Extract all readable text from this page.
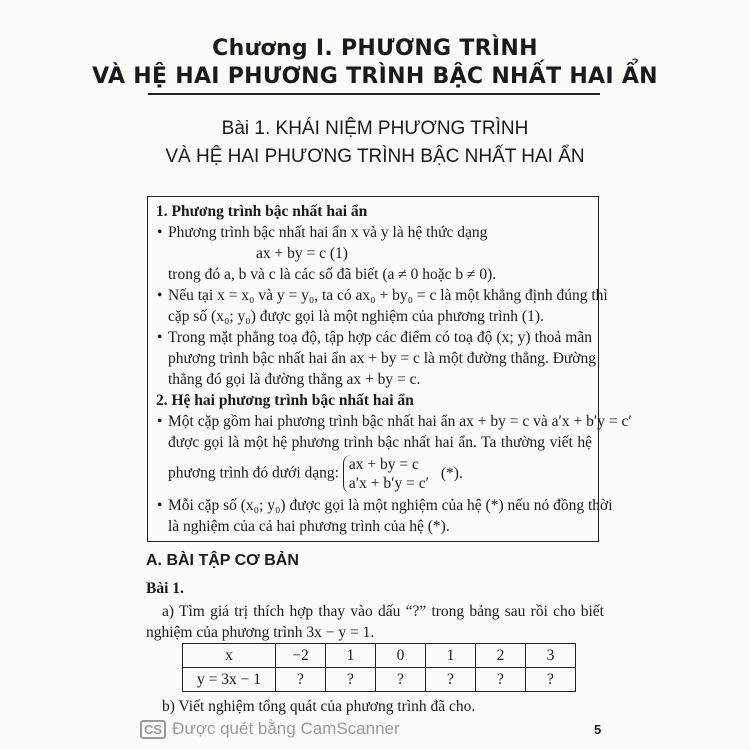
Chương I. PHƯƠNG TRÌNH
VÀ HỆ HAI PHƯƠNG TRÌNH BẬC NHẤT HAI ẨN
Bài 1. KHÁI NIỆM PHƯƠNG TRÌNH
VÀ HỆ HAI PHƯƠNG TRÌNH BẬC NHẤT HAI ẨN
1. Phương trình bậc nhất hai ẩn
• Phương trình bậc nhất hai ẩn x và y là hệ thức dạng
ax + by = c (1)
trong đó a, b và c là các số đã biết (a ≠ 0 hoặc b ≠ 0).
• Nếu tại x = x₀ và y = y₀, ta có ax₀ + by₀ = c là một khẳng định đúng thì
cặp số (x₀; y₀) được gọi là một nghiệm của phương trình (1).
• Trong mặt phẳng toạ độ, tập hợp các điểm có toạ độ (x; y) thoả mãn
phương trình bậc nhất hai ẩn ax + by = c là một đường thẳng. Đường
thẳng đó gọi là đường thẳng ax + by = c.
2. Hệ hai phương trình bậc nhất hai ẩn
• Một cặp gồm hai phương trình bậc nhất hai ẩn ax + by = c và a′x + b′y = c′
được gọi là một hệ phương trình bậc nhất hai ẩn. Ta thường viết hệ
phương trình đó dưới dạng:
ax + by = c
a′x + b′y = c′
(*).
• Mỗi cặp số (x₀; y₀) được gọi là một nghiệm của hệ (*) nếu nó đồng thời
là nghiệm của cả hai phương trình của hệ (*).
A. BÀI TẬP CƠ BẢN
Bài 1.
a) Tìm giá trị thích hợp thay vào dấu “?” trong bảng sau rồi cho biết
nghiệm của phương trình 3x − y = 1.
x	−2	1	0	1	2	3
y = 3x − 1	?	?	?	?	?	?
b) Viết nghiệm tổng quát của phương trình đã cho.
CS Được quét bằng CamScanner	5
